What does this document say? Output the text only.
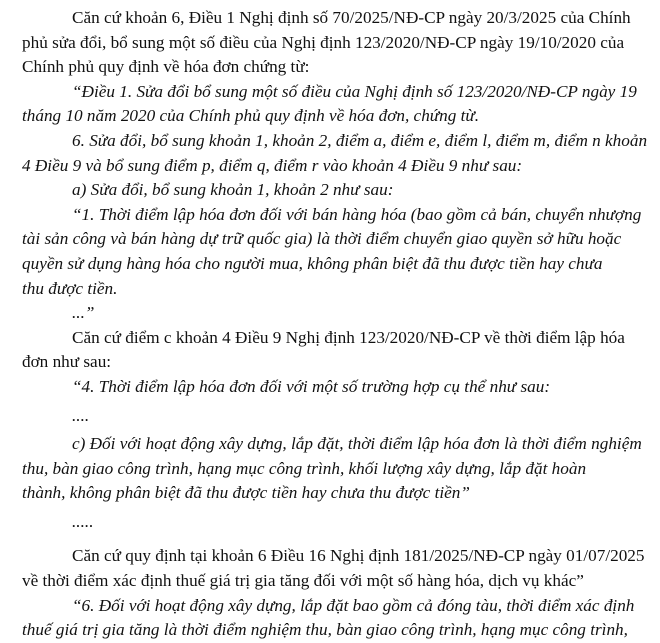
Căn cứ khoản 6, Điều 1 Nghị định số 70/2025/NĐ-CP ngày 20/3/2025 của Chính
phủ sửa đổi, bổ sung một số điều của Nghị định 123/2020/NĐ-CP ngày 19/10/2020 của
Chính phủ quy định về hóa đơn chứng từ:

“Điều 1. Sửa đổi bổ sung một số điều của Nghị định số 123/2020/NĐ-CP ngày 19
tháng 10 năm 2020 của Chính phủ quy định về hóa đơn, chứng từ.

6. Sửa đổi, bổ sung khoản 1, khoản 2, điểm a, điểm e, điểm l, điểm m, điểm n khoản
4 Điều 9 và bổ sung điểm p, điểm q, điểm r vào khoản 4 Điều 9 như sau:

a) Sửa đổi, bổ sung khoản 1, khoản 2 như sau:

“1. Thời điểm lập hóa đơn đối với bán hàng hóa (bao gồm cả bán, chuyển nhượng
tài sản công và bán hàng dự trữ quốc gia) là thời điểm chuyển giao quyền sở hữu hoặc
quyền sử dụng hàng hóa cho người mua, không phân biệt đã thu được tiền hay chưa
thu được tiền.

...”

Căn cứ điểm c khoản 4 Điều 9 Nghị định 123/2020/NĐ-CP về thời điểm lập hóa
đơn như sau:

“4. Thời điểm lập hóa đơn đối với một số trường hợp cụ thể như sau:

....

c) Đối với hoạt động xây dựng, lắp đặt, thời điểm lập hóa đơn là thời điểm nghiệm
thu, bàn giao công trình, hạng mục công trình, khối lượng xây dựng, lắp đặt hoàn
thành, không phân biệt đã thu được tiền hay chưa thu được tiền”

.....

Căn cứ quy định tại khoản 6 Điều 16 Nghị định 181/2025/NĐ-CP ngày 01/07/2025
về thời điểm xác định thuế giá trị gia tăng đối với một số hàng hóa, dịch vụ khác”

“6. Đối với hoạt động xây dựng, lắp đặt bao gồm cả đóng tàu, thời điểm xác định
thuế giá trị gia tăng là thời điểm nghiệm thu, bàn giao công trình, hạng mục công trình,
